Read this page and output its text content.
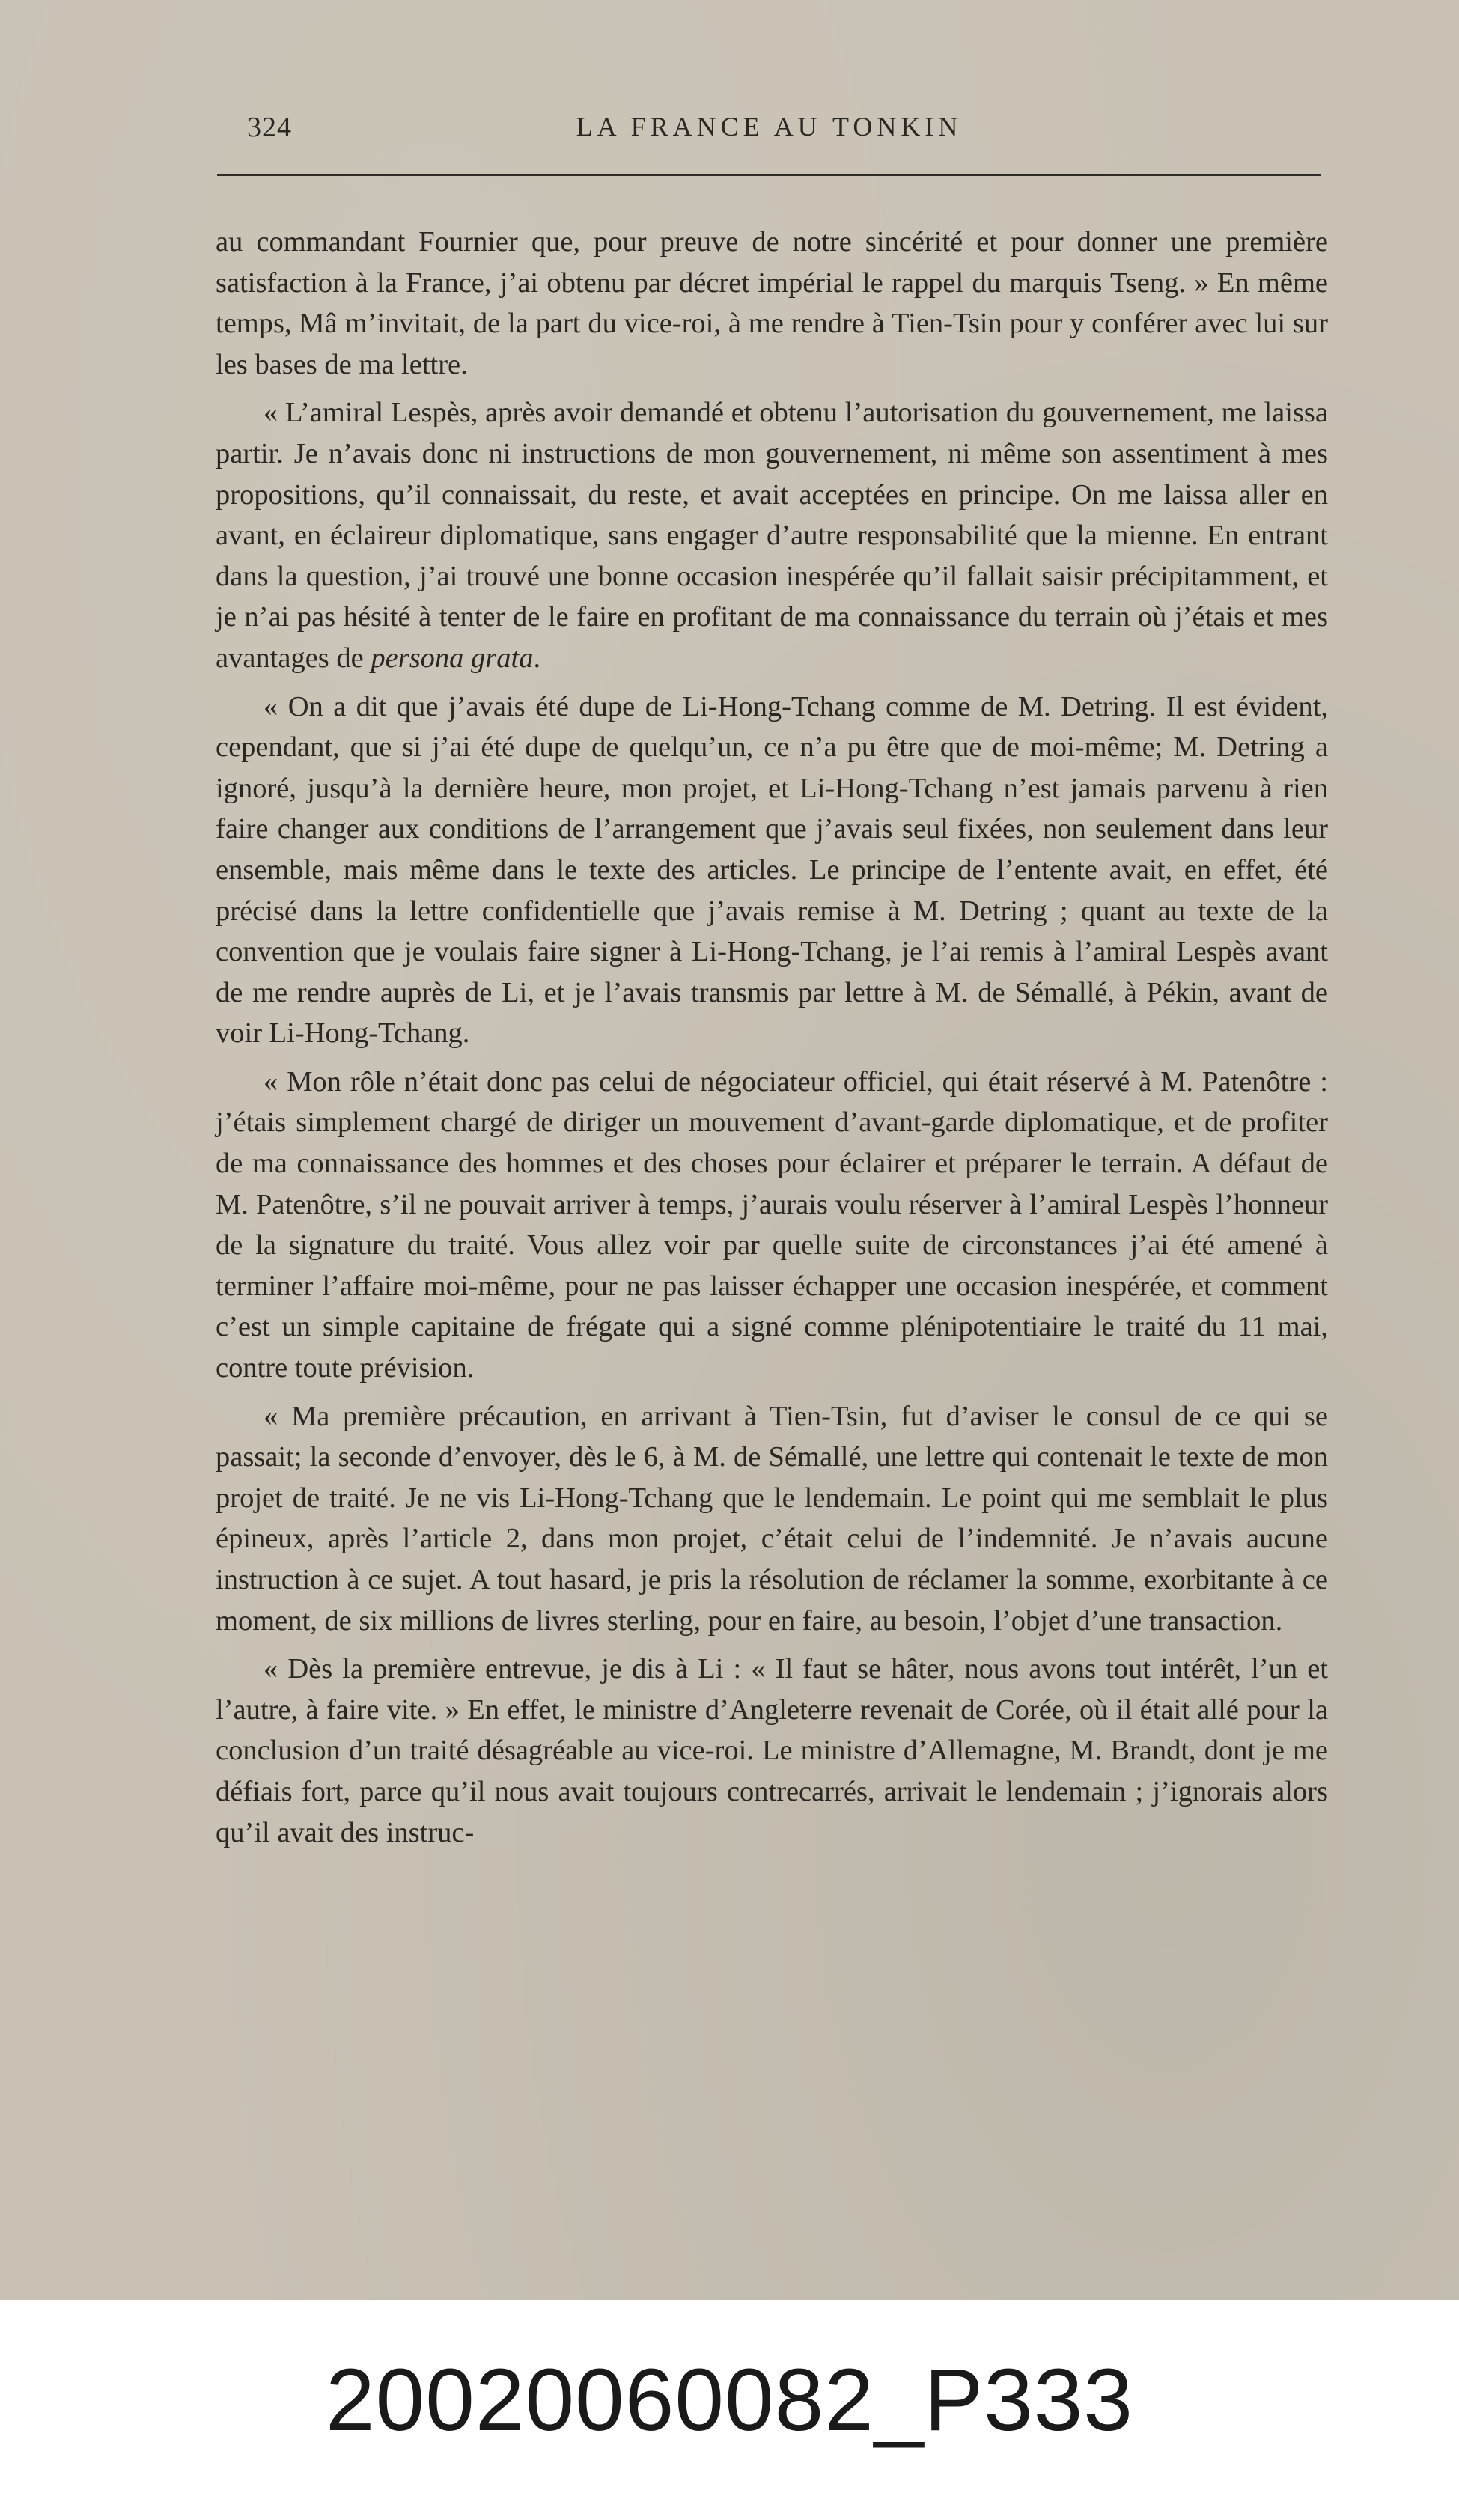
324	LA FRANCE AU TONKIN

au commandant Fournier que, pour preuve de notre sincérité et pour donner une première satisfaction à la France, j’ai obtenu par décret impérial le rappel du marquis Tseng. » En même temps, Mâ m’invitait, de la part du vice-roi, à me rendre à Tien-Tsin pour y conférer avec lui sur les bases de ma lettre.

« L’amiral Lespès, après avoir demandé et obtenu l’autorisation du gouvernement, me laissa partir. Je n’avais donc ni instructions de mon gouvernement, ni même son assentiment à mes propositions, qu’il connaissait, du reste, et avait acceptées en principe. On me laissa aller en avant, en éclaireur diplomatique, sans engager d’autre responsabilité que la mienne. En entrant dans la question, j’ai trouvé une bonne occasion inespérée qu’il fallait saisir précipitamment, et je n’ai pas hésité à tenter de le faire en profitant de ma connaissance du terrain où j’étais et mes avantages de persona grata.

« On a dit que j’avais été dupe de Li-Hong-Tchang comme de M. Detring. Il est évident, cependant, que si j’ai été dupe de quelqu’un, ce n’a pu être que de moi-même; M. Detring a ignoré, jusqu’à la dernière heure, mon projet, et Li-Hong-Tchang n’est jamais parvenu à rien faire changer aux conditions de l’arrangement que j’avais seul fixées, non seulement dans leur ensemble, mais même dans le texte des articles. Le principe de l’entente avait, en effet, été précisé dans la lettre confidentielle que j’avais remise à M. Detring ; quant au texte de la convention que je voulais faire signer à Li-Hong-Tchang, je l’ai remis à l’amiral Lespès avant de me rendre auprès de Li, et je l’avais transmis par lettre à M. de Sémallé, à Pékin, avant de voir Li-Hong-Tchang.

« Mon rôle n’était donc pas celui de négociateur officiel, qui était réservé à M. Patenôtre : j’étais simplement chargé de diriger un mouvement d’avant-garde diplomatique, et de profiter de ma connaissance des hommes et des choses pour éclairer et préparer le terrain. A défaut de M. Patenôtre, s’il ne pouvait arriver à temps, j’aurais voulu réserver à l’amiral Lespès l’honneur de la signature du traité. Vous allez voir par quelle suite de circonstances j’ai été amené à terminer l’affaire moi-même, pour ne pas laisser échapper une occasion inespérée, et comment c’est un simple capitaine de frégate qui a signé comme plénipotentiaire le traité du 11 mai, contre toute prévision.

« Ma première précaution, en arrivant à Tien-Tsin, fut d’aviser le consul de ce qui se passait; la seconde d’envoyer, dès le 6, à M. de Sémallé, une lettre qui contenait le texte de mon projet de traité. Je ne vis Li-Hong-Tchang que le lendemain. Le point qui me semblait le plus épineux, après l’article 2, dans mon projet, c’était celui de l’indemnité. Je n’avais aucune instruction à ce sujet. A tout hasard, je pris la résolution de réclamer la somme, exorbitante à ce moment, de six millions de livres sterling, pour en faire, au besoin, l’objet d’une transaction.

« Dès la première entrevue, je dis à Li : « Il faut se hâter, nous avons tout intérêt, l’un et l’autre, à faire vite. » En effet, le ministre d’Angleterre revenait de Corée, où il était allé pour la conclusion d’un traité désagréable au vice-roi. Le ministre d’Allemagne, M. Brandt, dont je me défiais fort, parce qu’il nous avait toujours contrecarrés, arrivait le lendemain ; j’ignorais alors qu’il avait des instruc-

20020060082_P333
